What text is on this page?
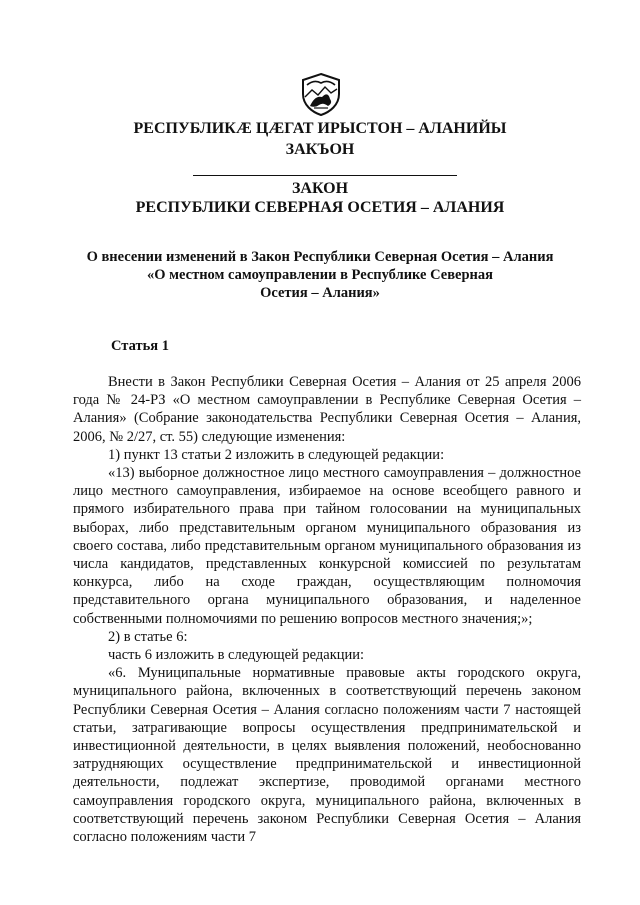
РЕСПУБЛИКÆ ЦÆГАТ ИРЫСТОН – АЛАНИЙЫ
ЗАКЪОН
ЗАКОН
РЕСПУБЛИКИ СЕВЕРНАЯ ОСЕТИЯ – АЛАНИЯ
О внесении изменений в Закон Республики Северная Осетия – Алания
«О местном самоуправлении в Республике Северная
Осетия – Алания»
Статья 1

Внести в Закон Республики Северная Осетия – Алания от 25 апреля 2006 года № 24-РЗ «О местном самоуправлении в Республике Северная Осетия – Алания» (Собрание законодательства Республики Северная Осетия – Алания, 2006, № 2/27, ст. 55) следующие изменения:

1) пункт 13 статьи 2 изложить в следующей редакции:

«13) выборное должностное лицо местного самоуправления – должностное лицо местного самоуправления, избираемое на основе всеобщего равного и прямого избирательного права при тайном голосовании на муниципальных выборах, либо представительным органом муниципального образования из своего состава, либо представительным органом муниципального образования из числа кандидатов, представленных конкурсной комиссией по результатам конкурса, либо на сходе граждан, осуществляющим полномочия представительного органа муниципального образования, и наделенное собственными полномочиями по решению вопросов местного значения;»;

2) в статье 6:

часть 6 изложить в следующей редакции:

«6. Муниципальные нормативные правовые акты городского округа, муниципального района, включенных в соответствующий перечень законом Республики Северная Осетия – Алания согласно положениям части 7 настоящей статьи, затрагивающие вопросы осуществления предпринимательской и инвестиционной деятельности, в целях выявления положений, необоснованно затрудняющих осуществление предпринимательской и инвестиционной деятельности, подлежат экспертизе, проводимой органами местного самоуправления городского округа, муниципального района, включенных в соответствующий перечень законом Республики Северная Осетия – Алания согласно положениям части 7
